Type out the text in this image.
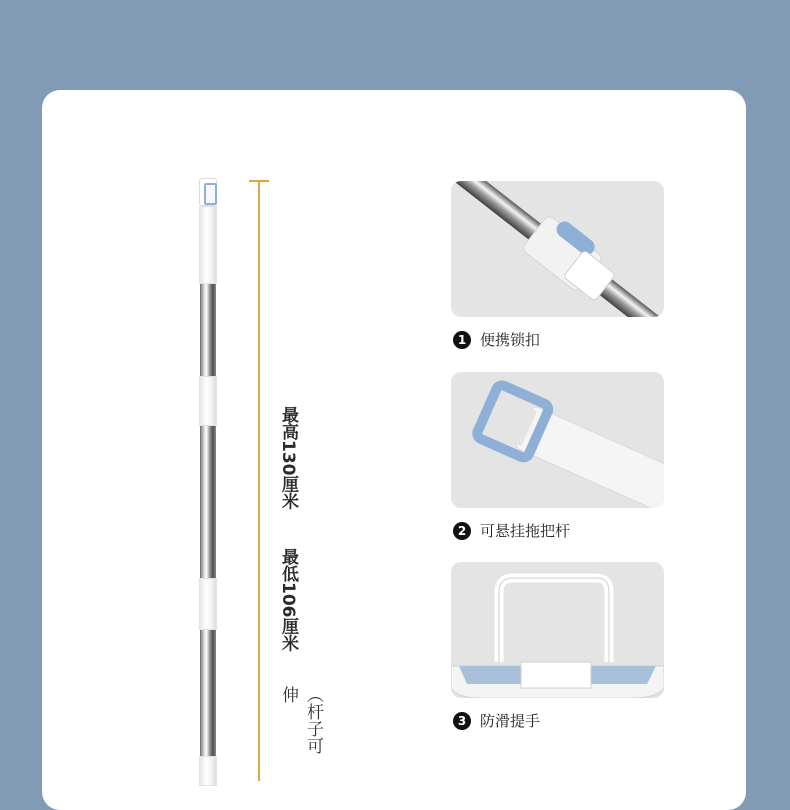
最高130厘米
最低106厘米
（杆子可伸
1 便携锁扣
2 可悬挂拖把杆
3 防滑提手
